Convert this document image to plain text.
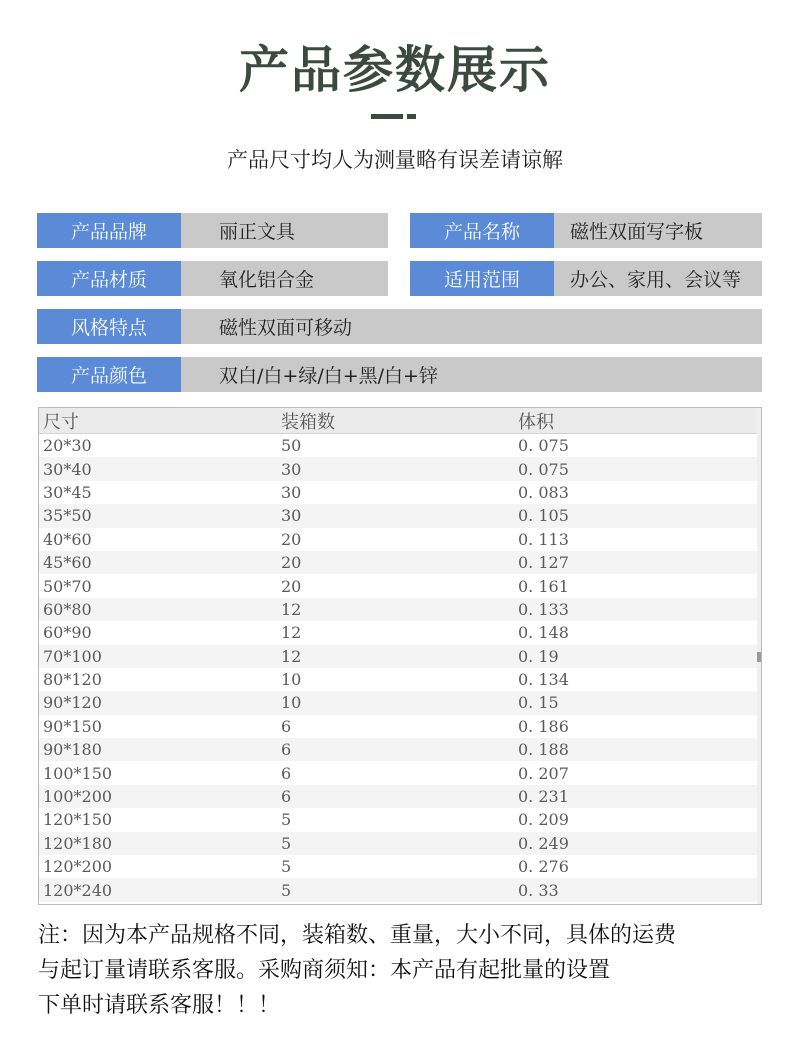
产品参数展示
产品尺寸均人为测量略有误差请谅解
产品品牌	丽正文具	产品名称	磁性双面写字板
产品材质	氧化铝合金	适用范围	办公、家用、会议等
风格特点	磁性双面可移动
产品颜色	双白/白+绿/白+黑/白+锌
尺寸	装箱数	体积
20*30	50	0. 075
30*40	30	0. 075
30*45	30	0. 083
35*50	30	0. 105
40*60	20	0. 113
45*60	20	0. 127
50*70	20	0. 161
60*80	12	0. 133
60*90	12	0. 148
70*100	12	0. 19
80*120	10	0. 134
90*120	10	0. 15
90*150	6	0. 186
90*180	6	0. 188
100*150	6	0. 207
100*200	6	0. 231
120*150	5	0. 209
120*180	5	0. 249
120*200	5	0. 276
120*240	5	0. 33
注：因为本产品规格不同，装箱数、重量，大小不同，具体的运费
与起订量请联系客服。采购商须知：本产品有起批量的设置
下单时请联系客服！！！
